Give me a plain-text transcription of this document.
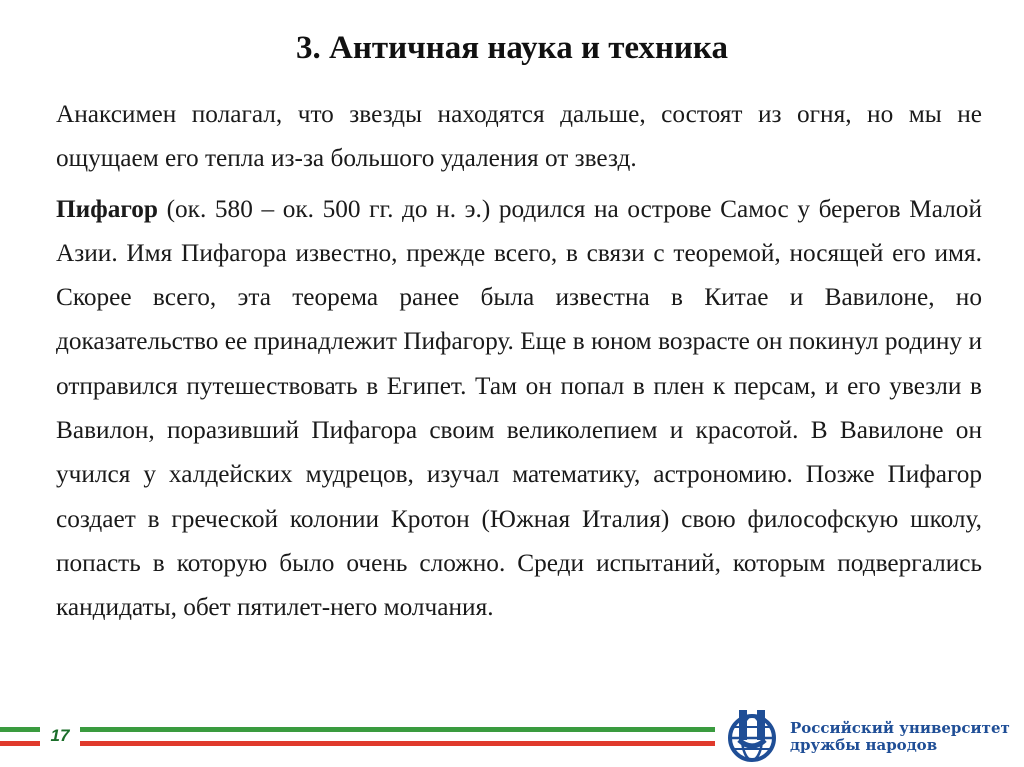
3. Античная наука и техника

Анаксимен полагал, что звезды находятся дальше, состоят из огня, но мы не ощущаем его тепла из-за большого удаления от звезд.

Пифагор (ок. 580 – ок. 500 гг. до н. э.) родился на острове Самос у берегов Малой Азии. Имя Пифагора известно, прежде всего, в связи с теоремой, носящей его имя. Скорее всего, эта теорема ранее была известна в Китае и Вавилоне, но доказательство ее принадлежит Пифагору. Еще в юном возрасте он покинул родину и отправился путешествовать в Египет. Там он попал в плен к персам, и его увезли в Вавилон, поразивший Пифагора своим великолепием и красотой. В Вавилоне он учился у халдейских мудрецов, изучал математику, астрономию. Позже Пифагор создает в греческой колонии Кротон (Южная Италия) свою философскую школу, попасть в которую было очень сложно. Среди испытаний, которым подвергались кандидаты, обет пятилет-него молчания.

17	Российский университет
дружбы народов
